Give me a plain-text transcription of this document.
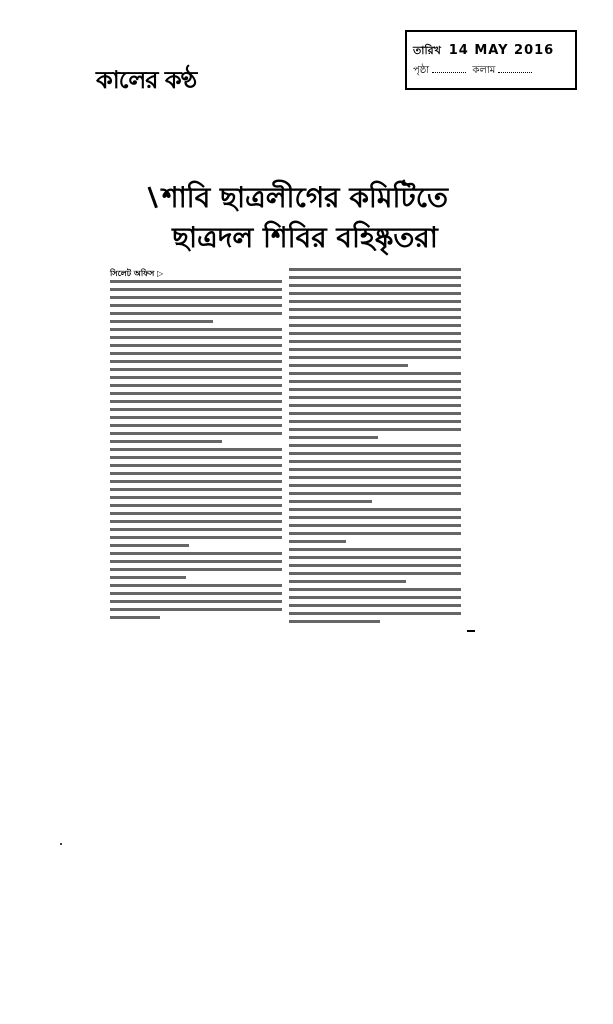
কালের কণ্ঠ
তারিখ 14 MAY 2016
পৃষ্ঠা	কলাম
শাবি ছাত্রলীগের কমিটিতে
ছাত্রদল শিবির বহিষ্কৃতরা
সিলেট অফিস ▷
